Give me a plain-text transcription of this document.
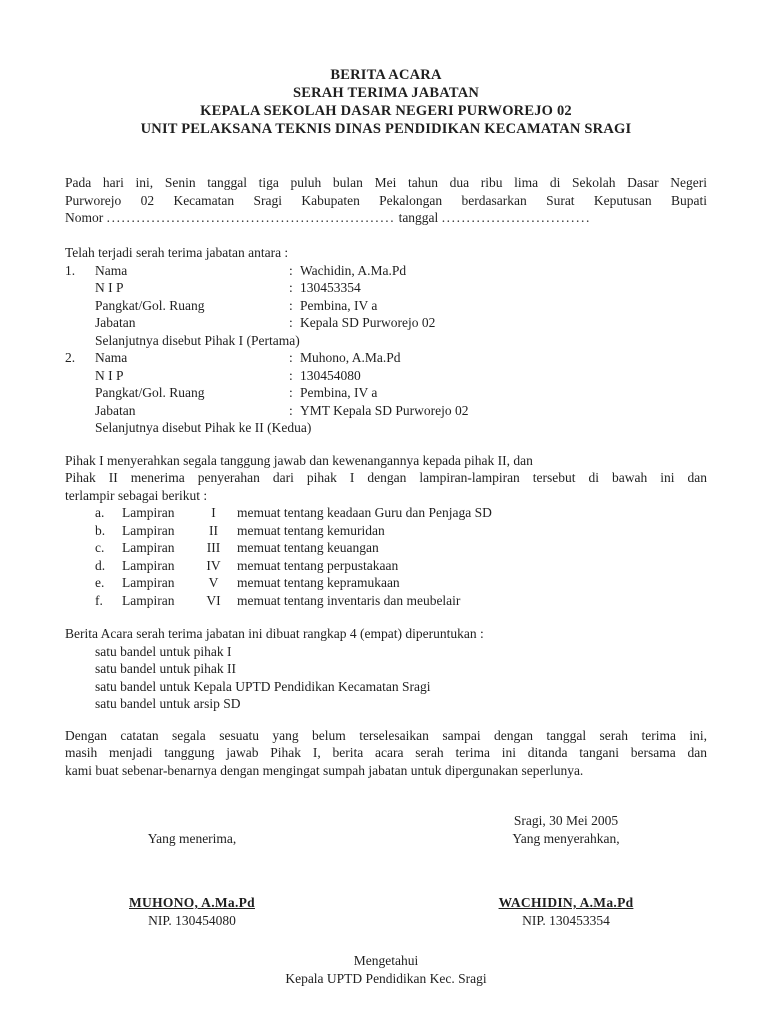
BERITA ACARA
SERAH TERIMA JABATAN
KEPALA SEKOLAH DASAR NEGERI PURWOREJO 02
UNIT PELAKSANA TEKNIS DINAS PENDIDIKAN KECAMATAN SRAGI
Pada hari ini, Senin tanggal tiga puluh bulan Mei tahun dua ribu lima di Sekolah Dasar Negeri
Purworejo 02 Kecamatan Sragi Kabupaten Pekalongan berdasarkan Surat Keputusan Bupati
Nomor .......................................................... tanggal ..............................
Telah terjadi serah terima jabatan antara :
1.	Nama	: Wachidin, A.Ma.Pd
N I P	: 130453354
Pangkat/Gol. Ruang	: Pembina, IV a
Jabatan	: Kepala SD Purworejo 02
Selanjutnya disebut Pihak I (Pertama)
2.	Nama	: Muhono, A.Ma.Pd
N I P	: 130454080
Pangkat/Gol. Ruang	: Pembina, IV a
Jabatan	: YMT Kepala SD Purworejo 02
Selanjutnya disebut Pihak ke II (Kedua)
Pihak I menyerahkan segala tanggung jawab dan kewenangannya kepada pihak II, dan
Pihak II menerima penyerahan dari pihak I dengan lampiran-lampiran tersebut di bawah ini dan
terlampir sebagai berikut :
a.	Lampiran	I	memuat tentang keadaan Guru dan Penjaga SD
b.	Lampiran	II	memuat tentang kemuridan
c.	Lampiran	III	memuat tentang keuangan
d.	Lampiran	IV	memuat tentang perpustakaan
e.	Lampiran	V	memuat tentang kepramukaan
f.	Lampiran	VI	memuat tentang inventaris dan meubelair
Berita Acara serah terima jabatan ini dibuat rangkap 4 (empat) diperuntukan :
satu bandel untuk pihak I
satu bandel untuk pihak II
satu bandel untuk Kepala UPTD Pendidikan Kecamatan Sragi
satu bandel untuk arsip SD
Dengan catatan segala sesuatu yang belum terselesaikan sampai dengan tanggal serah terima ini,
masih menjadi tanggung jawab Pihak I, berita acara serah terima ini ditanda tangani bersama dan
kami buat sebenar-benarnya dengan mengingat sumpah jabatan untuk dipergunakan seperlunya.
Yang menerima,
MUHONO, A.Ma.Pd
NIP. 130454080
Sragi, 30 Mei 2005
Yang menyerahkan,
WACHIDIN, A.Ma.Pd
NIP. 130453354
Mengetahui
Kepala UPTD Pendidikan Kec. Sragi
